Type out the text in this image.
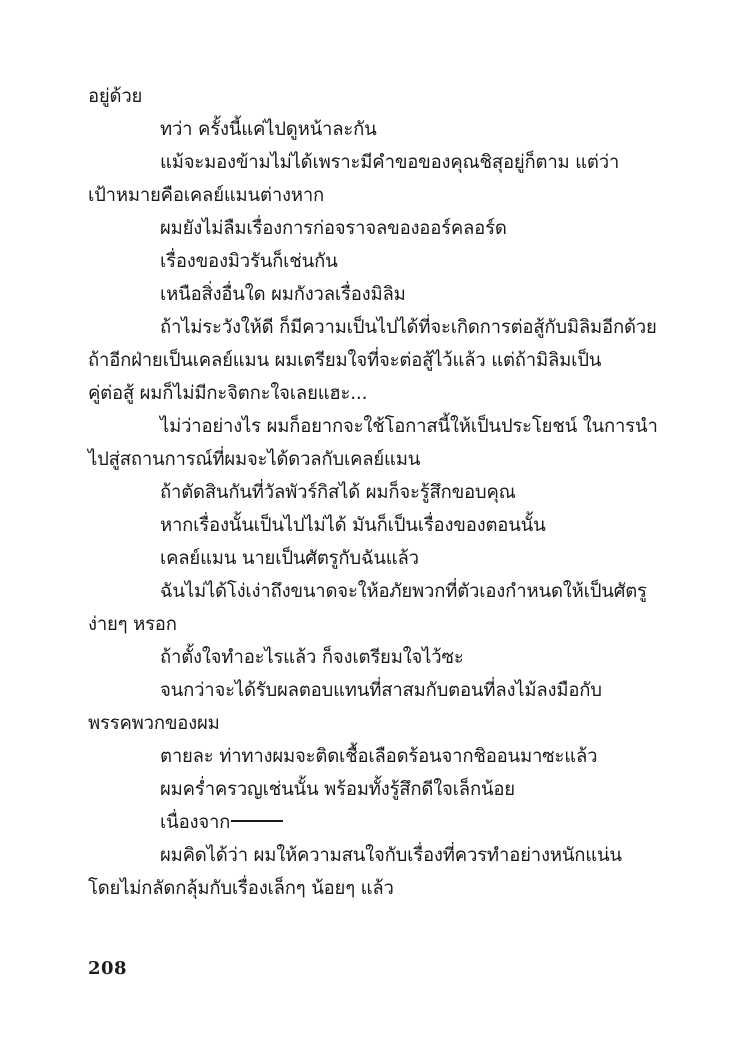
อยู่ด้วย
ทว่า ครั้งนี้แค่ไปดูหน้าละกัน
แม้จะมองข้ามไม่ได้เพราะมีคำขอของคุณชิสุอยู่ก็ตาม แต่ว่า
เป้าหมายคือเคลย์แมนต่างหาก
ผมยังไม่ลืมเรื่องการก่อจราจลของออร์คลอร์ด
เรื่องของมิวรันก็เช่นกัน
เหนือสิ่งอื่นใด ผมกังวลเรื่องมิลิม
ถ้าไม่ระวังให้ดี ก็มีความเป็นไปได้ที่จะเกิดการต่อสู้กับมิลิมอีกด้วย
ถ้าอีกฝ่ายเป็นเคลย์แมน ผมเตรียมใจที่จะต่อสู้ไว้แล้ว แต่ถ้ามิลิมเป็น
คู่ต่อสู้ ผมก็ไม่มีกะจิตกะใจเลยแฮะ...
ไม่ว่าอย่างไร ผมก็อยากจะใช้โอกาสนี้ให้เป็นประโยชน์ ในการนำ
ไปสู่สถานการณ์ที่ผมจะได้ดวลกับเคลย์แมน
ถ้าตัดสินกันที่วัลพัวร์กิสได้ ผมก็จะรู้สึกขอบคุณ
หากเรื่องนั้นเป็นไปไม่ได้ มันก็เป็นเรื่องของตอนนั้น
เคลย์แมน นายเป็นศัตรูกับฉันแล้ว
ฉันไม่ได้โง่เง่าถึงขนาดจะให้อภัยพวกที่ตัวเองกำหนดให้เป็นศัตรู
ง่ายๆ หรอก
ถ้าตั้งใจทำอะไรแล้ว ก็จงเตรียมใจไว้ซะ
จนกว่าจะได้รับผลตอบแทนที่สาสมกับตอนที่ลงไม้ลงมือกับ
พรรคพวกของผม
ตายละ ท่าทางผมจะติดเชื้อเลือดร้อนจากชิออนมาซะแล้ว
ผมคร่ำครวญเช่นนั้น พร้อมทั้งรู้สึกดีใจเล็กน้อย
เนื่องจาก
ผมคิดได้ว่า ผมให้ความสนใจกับเรื่องที่ควรทำอย่างหนักแน่น
โดยไม่กลัดกลุ้มกับเรื่องเล็กๆ น้อยๆ แล้ว
208
